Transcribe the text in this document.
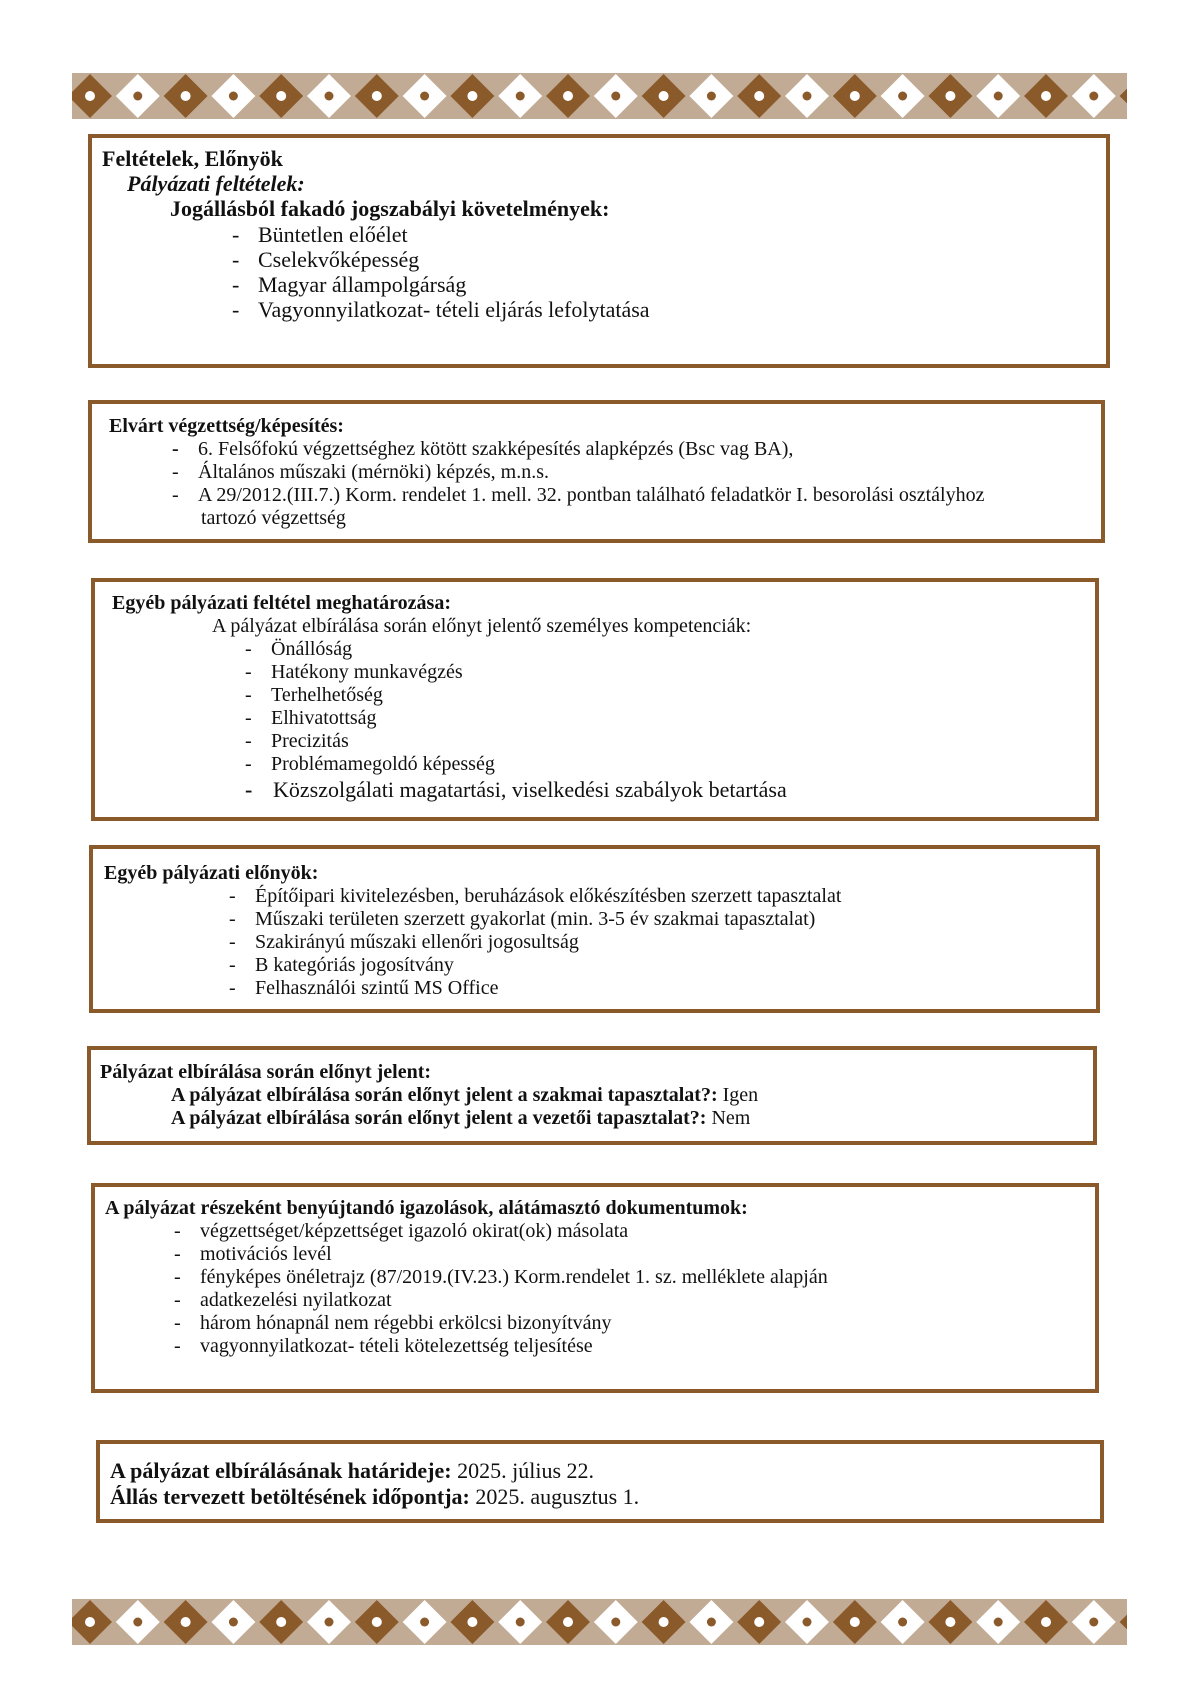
Feltételek, Előnyök
Pályázati feltételek:
Jogállásból fakadó jogszabályi követelmények:
- Büntetlen előélet
- Cselekvőképesség
- Magyar állampolgárság
- Vagyonnyilatkozat- tételi eljárás lefolytatása
Elvárt végzettség/képesítés:
- 6. Felsőfokú végzettséghez kötött szakképesítés alapképzés (Bsc vag BA),
- Általános műszaki (mérnöki) képzés, m.n.s.
- A 29/2012.(III.7.) Korm. rendelet 1. mell. 32. pontban található feladatkör I. besorolási osztályhoz
tartozó végzettség
Egyéb pályázati feltétel meghatározása:
A pályázat elbírálása során előnyt jelentő személyes kompetenciák:
- Önállóság
- Hatékony munkavégzés
- Terhelhetőség
- Elhivatottság
- Precizitás
- Problémamegoldó képesség
- Közszolgálati magatartási, viselkedési szabályok betartása
Egyéb pályázati előnyök:
- Építőipari kivitelezésben, beruházások előkészítésben szerzett tapasztalat
- Műszaki területen szerzett gyakorlat (min. 3-5 év szakmai tapasztalat)
- Szakirányú műszaki ellenőri jogosultság
- B kategóriás jogosítvány
- Felhasználói szintű MS Office
Pályázat elbírálása során előnyt jelent:
A pályázat elbírálása során előnyt jelent a szakmai tapasztalat?: Igen
A pályázat elbírálása során előnyt jelent a vezetői tapasztalat?: Nem
A pályázat részeként benyújtandó igazolások, alátámasztó dokumentumok:
- végzettséget/képzettséget igazoló okirat(ok) másolata
- motivációs levél
- fényképes önéletrajz (87/2019.(IV.23.) Korm.rendelet 1. sz. melléklete alapján
- adatkezelési nyilatkozat
- három hónapnál nem régebbi erkölcsi bizonyítvány
- vagyonnyilatkozat- tételi kötelezettség teljesítése
A pályázat elbírálásának határideje: 2025. július 22.
Állás tervezett betöltésének időpontja: 2025. augusztus 1.
